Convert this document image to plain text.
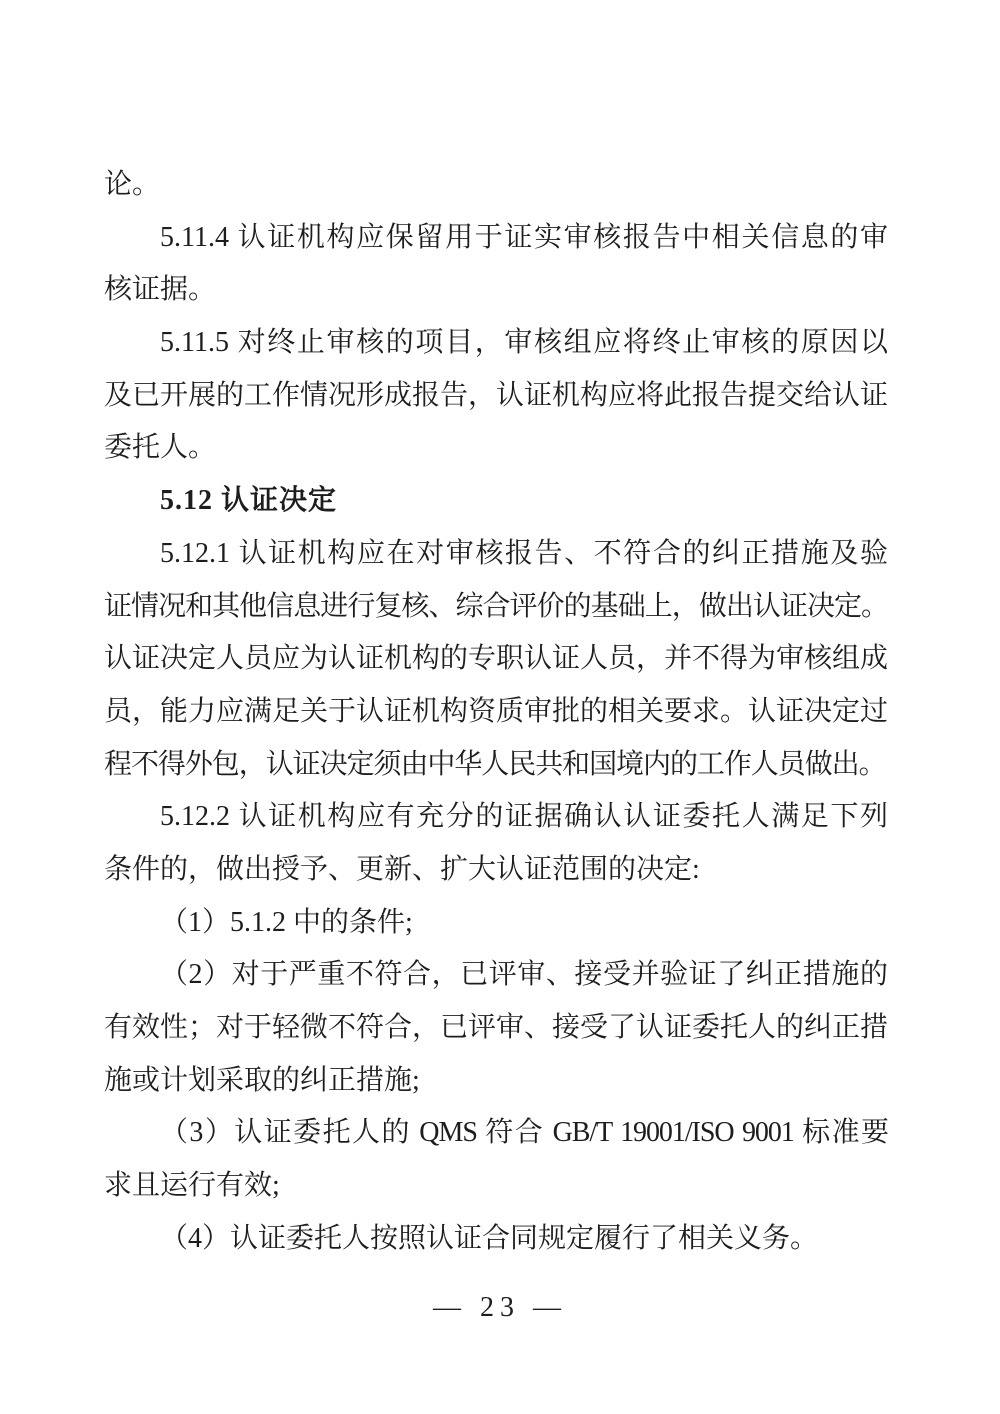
论。
5.11.4 认证机构应保留用于证实审核报告中相关信息的审
核证据。
5.11.5 对终止审核的项目，审核组应将终止审核的原因以
及已开展的工作情况形成报告，认证机构应将此报告提交给认证
委托人。
5.12 认证决定
5.12.1 认证机构应在对审核报告、不符合的纠正措施及验
证情况和其他信息进行复核、综合评价的基础上，做出认证决定。
认证决定人员应为认证机构的专职认证人员，并不得为审核组成
员，能力应满足关于认证机构资质审批的相关要求。认证决定过
程不得外包，认证决定须由中华人民共和国境内的工作人员做出。
5.12.2 认证机构应有充分的证据确认认证委托人满足下列
条件的，做出授予、更新、扩大认证范围的决定:
（1）5.1.2 中的条件;
（2）对于严重不符合，已评审、接受并验证了纠正措施的
有效性；对于轻微不符合，已评审、接受了认证委托人的纠正措
施或计划采取的纠正措施;
（3）认证委托人的 QMS 符合 GB/T 19001/ISO 9001 标准要
求且运行有效;
（4）认证委托人按照认证合同规定履行了相关义务。
— 23 —
